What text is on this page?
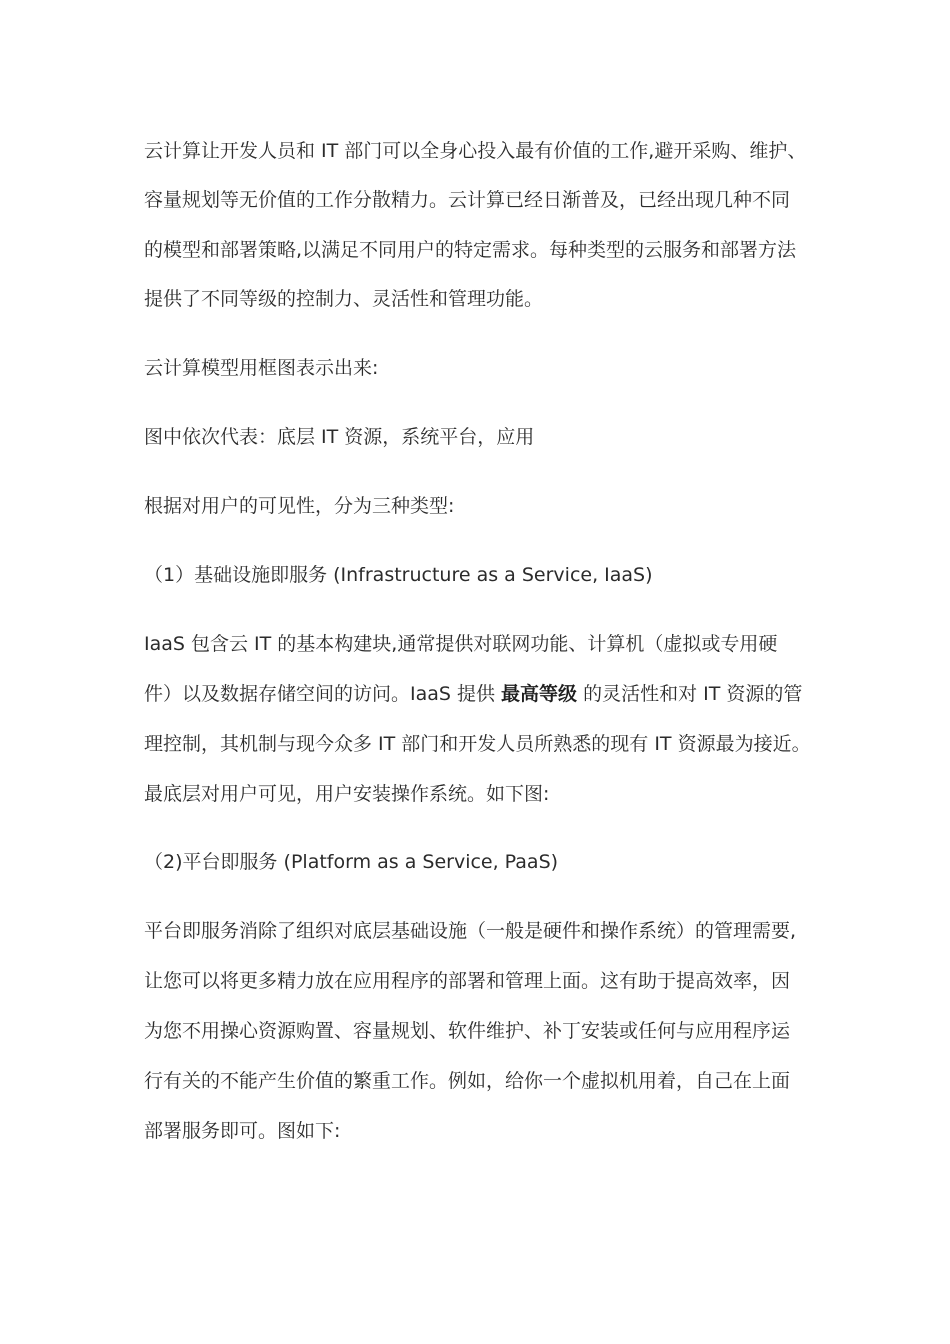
云计算让开发人员和 IT 部门可以全身心投入最有价值的工作,避开采购、维护、
容量规划等无价值的工作分散精力。云计算已经日渐普及，已经出现几种不同
的模型和部署策略,以满足不同用户的特定需求。每种类型的云服务和部署方法
提供了不同等级的控制力、灵活性和管理功能。
云计算模型用框图表示出来:
图中依次代表：底层 IT 资源，系统平台，应用
根据对用户的可见性，分为三种类型:
（1）基础设施即服务 (Infrastructure as a Service, IaaS)
IaaS 包含云 IT 的基本构建块,通常提供对联网功能、计算机（虚拟或专用硬
件）以及数据存储空间的访问。IaaS 提供 最高等级 的灵活性和对 IT 资源的管
理控制，其机制与现今众多 IT 部门和开发人员所熟悉的现有 IT 资源最为接近。
最底层对用户可见，用户安装操作系统。如下图:
（2)平台即服务 (Platform as a Service, PaaS)
平台即服务消除了组织对底层基础设施（一般是硬件和操作系统）的管理需要,
让您可以将更多精力放在应用程序的部署和管理上面。这有助于提高效率，因
为您不用操心资源购置、容量规划、软件维护、补丁安装或任何与应用程序运
行有关的不能产生价值的繁重工作。例如，给你一个虚拟机用着，自己在上面
部署服务即可。图如下:
